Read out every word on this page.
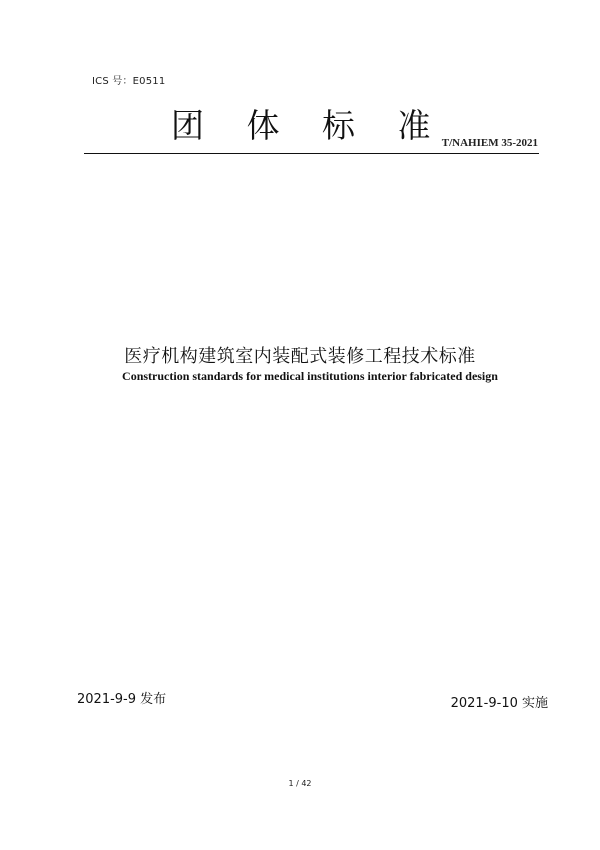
ICS 号：E0511
团 体 标 准
T/NAHIEM 35-2021
医疗机构建筑室内装配式装修工程技术标准
Construction standards for medical institutions interior fabricated design
2021-9-9 发布	2021-9-10 实施
1 / 42
